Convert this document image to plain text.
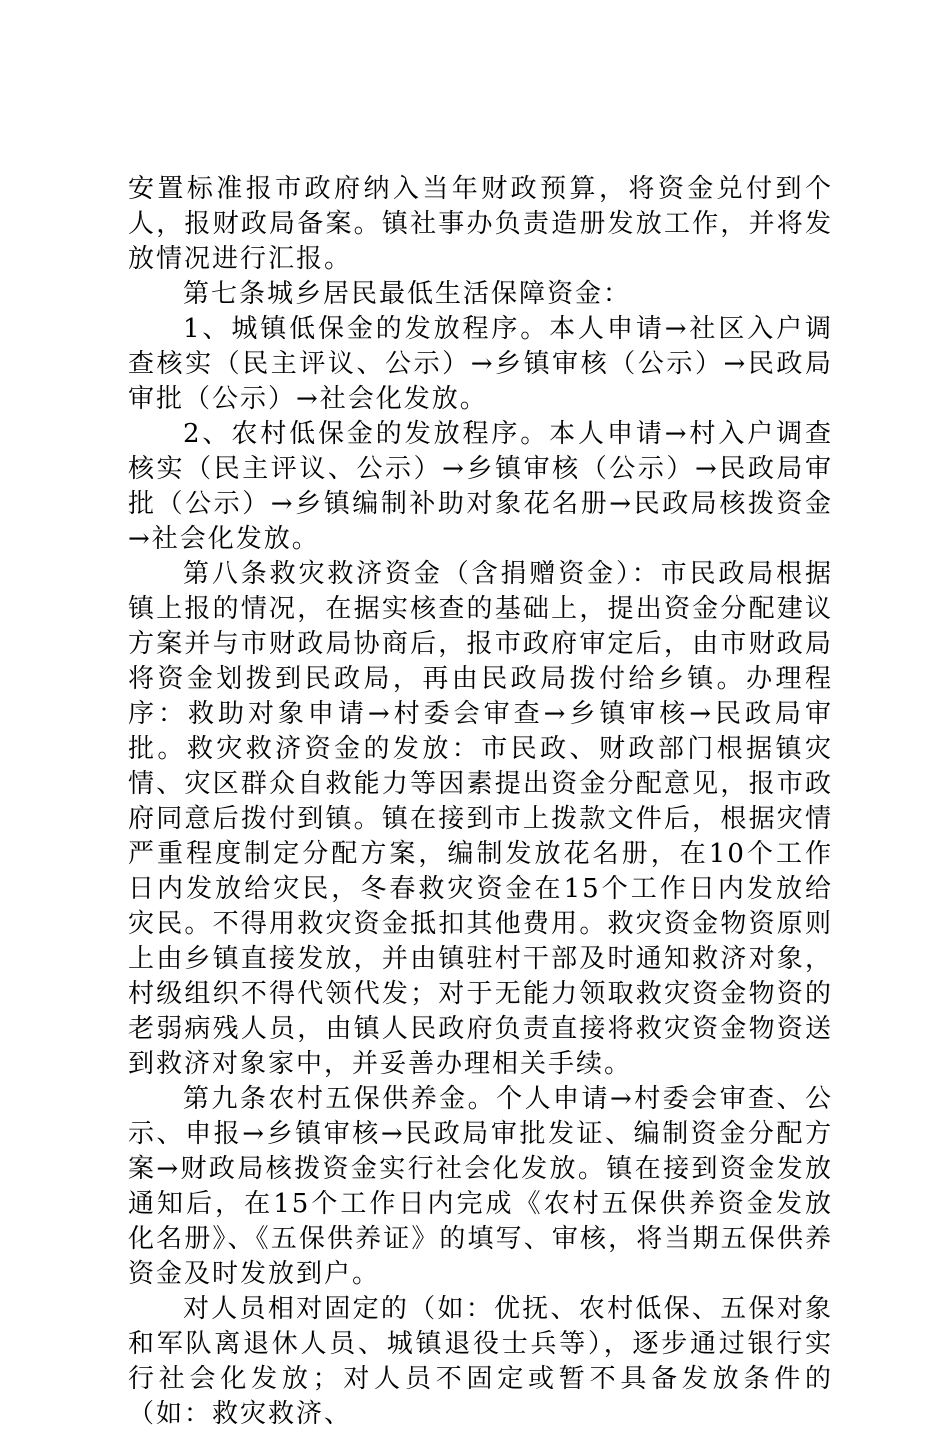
安置标准报市政府纳入当年财政预算，将资金兑付到个人，报财政局备案。镇社事办负责造册发放工作，并将发放情况进行汇报。

第七条城乡居民最低生活保障资金：

1、城镇低保金的发放程序。本人申请→社区入户调查核实（民主评议、公示）→乡镇审核（公示）→民政局审批（公示）→社会化发放。

2、农村低保金的发放程序。本人申请→村入户调查核实（民主评议、公示）→乡镇审核（公示）→民政局审批（公示）→乡镇编制补助对象花名册→民政局核拨资金→社会化发放。

第八条救灾救济资金（含捐赠资金）：市民政局根据镇上报的情况，在据实核查的基础上，提出资金分配建议方案并与市财政局协商后，报市政府审定后，由市财政局将资金划拨到民政局，再由民政局拨付给乡镇。办理程序：救助对象申请→村委会审查→乡镇审核→民政局审批。救灾救济资金的发放：市民政、财政部门根据镇灾情、灾区群众自救能力等因素提出资金分配意见，报市政府同意后拨付到镇。镇在接到市上拨款文件后，根据灾情严重程度制定分配方案，编制发放花名册，在10个工作日内发放给灾民，冬春救灾资金在15个工作日内发放给灾民。不得用救灾资金抵扣其他费用。救灾资金物资原则上由乡镇直接发放，并由镇驻村干部及时通知救济对象，村级组织不得代领代发；对于无能力领取救灾资金物资的老弱病残人员，由镇人民政府负责直接将救灾资金物资送到救济对象家中，并妥善办理相关手续。

第九条农村五保供养金。个人申请→村委会审查、公示、申报→乡镇审核→民政局审批发证、编制资金分配方案→财政局核拨资金实行社会化发放。镇在接到资金发放通知后，在15个工作日内完成《农村五保供养资金发放化名册》、《五保供养证》的填写、审核，将当期五保供养资金及时发放到户。

对人员相对固定的（如：优抚、农村低保、五保对象和军队离退休人员、城镇退役士兵等），逐步通过银行实行社会化发放；对人员不固定或暂不具备发放条件的（如：救灾救济、
